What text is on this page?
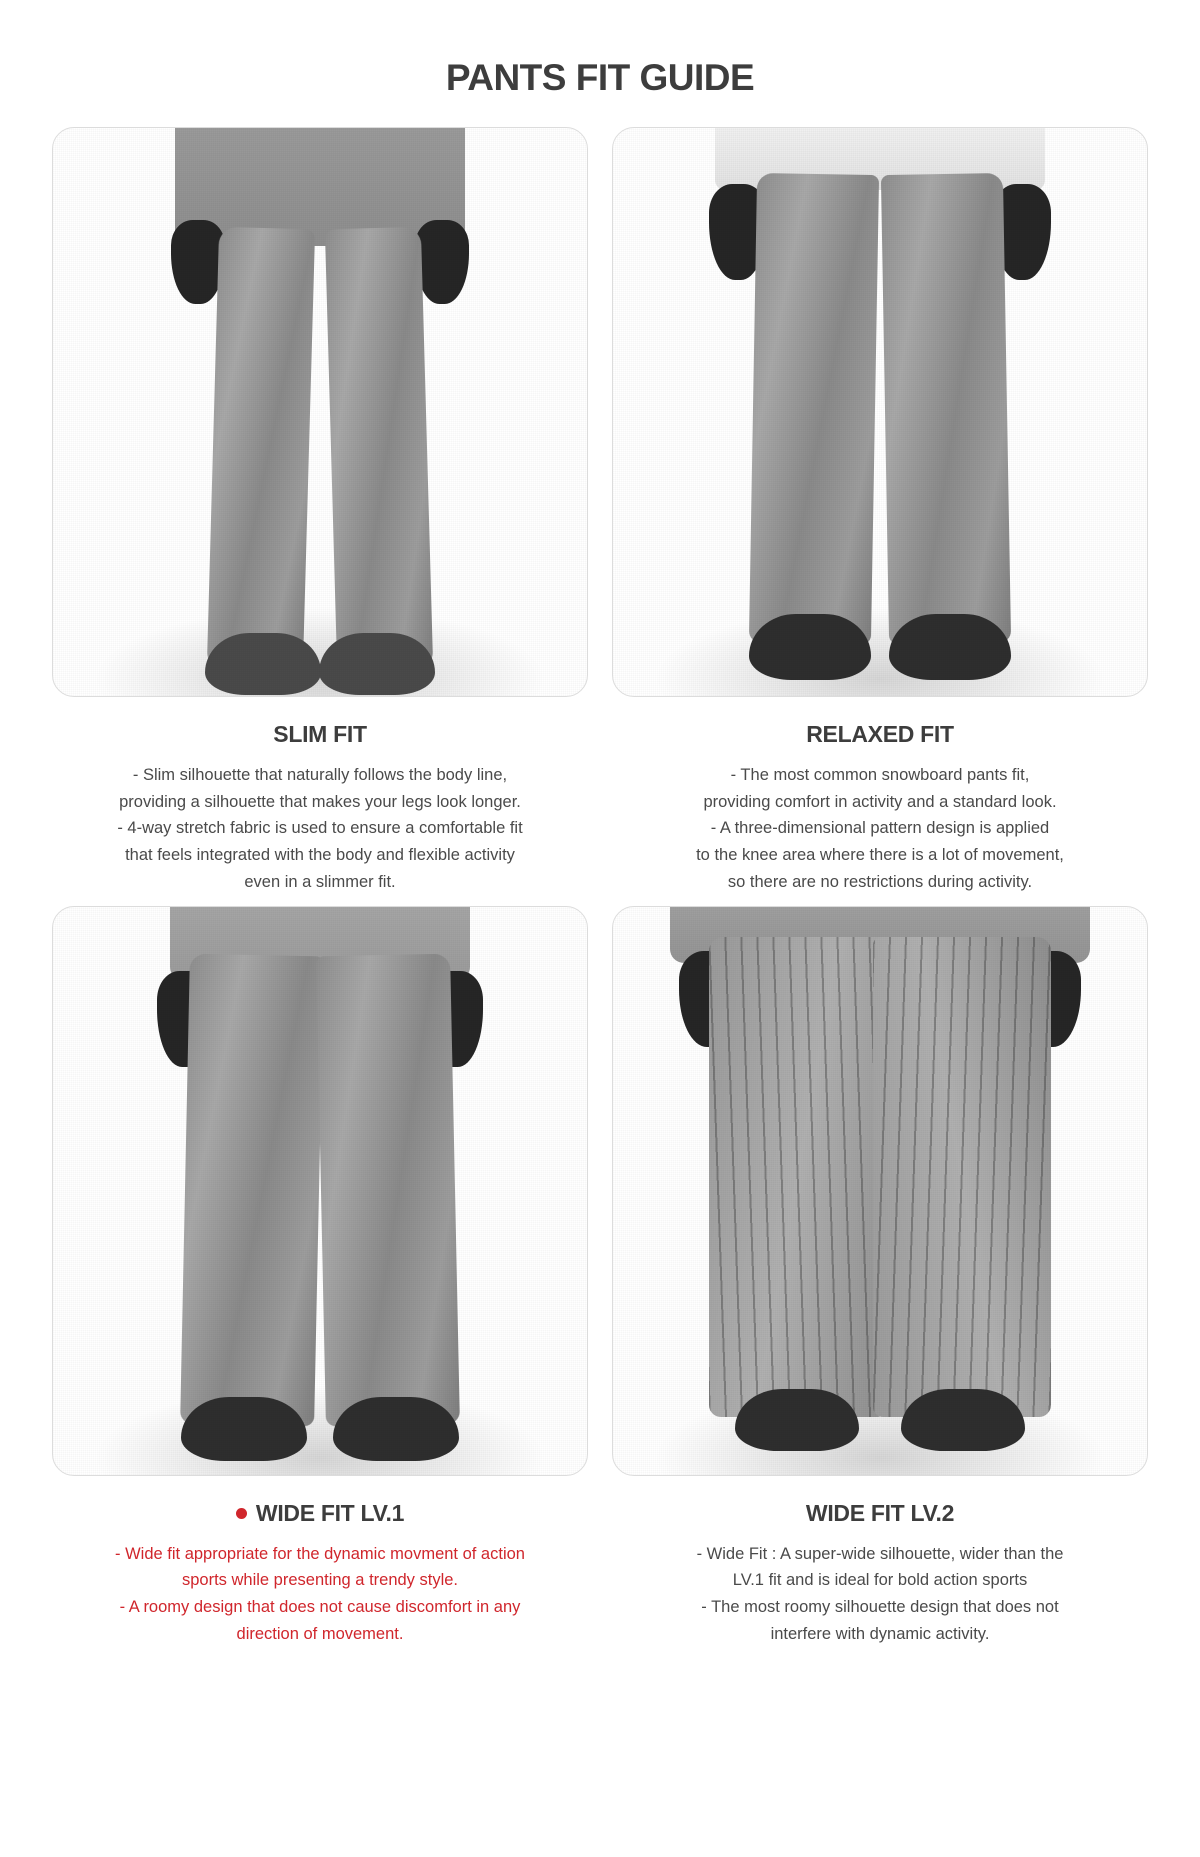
PANTS FIT GUIDE
SLIM FIT

- Slim silhouette that naturally follows the body line,

providing a silhouette that makes your legs look longer.

- 4-way stretch fabric is used to ensure a comfortable fit

that feels integrated with the body and flexible activity

even in a slimmer fit.

RELAXED FIT

- The most common snowboard pants fit,

providing comfort in activity and a standard look.

- A three-dimensional pattern design is applied

to the knee area where there is a lot of movement,

so there are no restrictions during activity.

WIDE FIT LV.1

- Wide fit appropriate for the dynamic movment of action

sports while presenting a trendy style.

- A roomy design that does not cause discomfort in any

direction of movement.

WIDE FIT LV.2

- Wide Fit : A super-wide silhouette, wider than the

LV.1 fit and is ideal for bold action sports

- The most roomy silhouette design that does not

interfere with dynamic activity.
